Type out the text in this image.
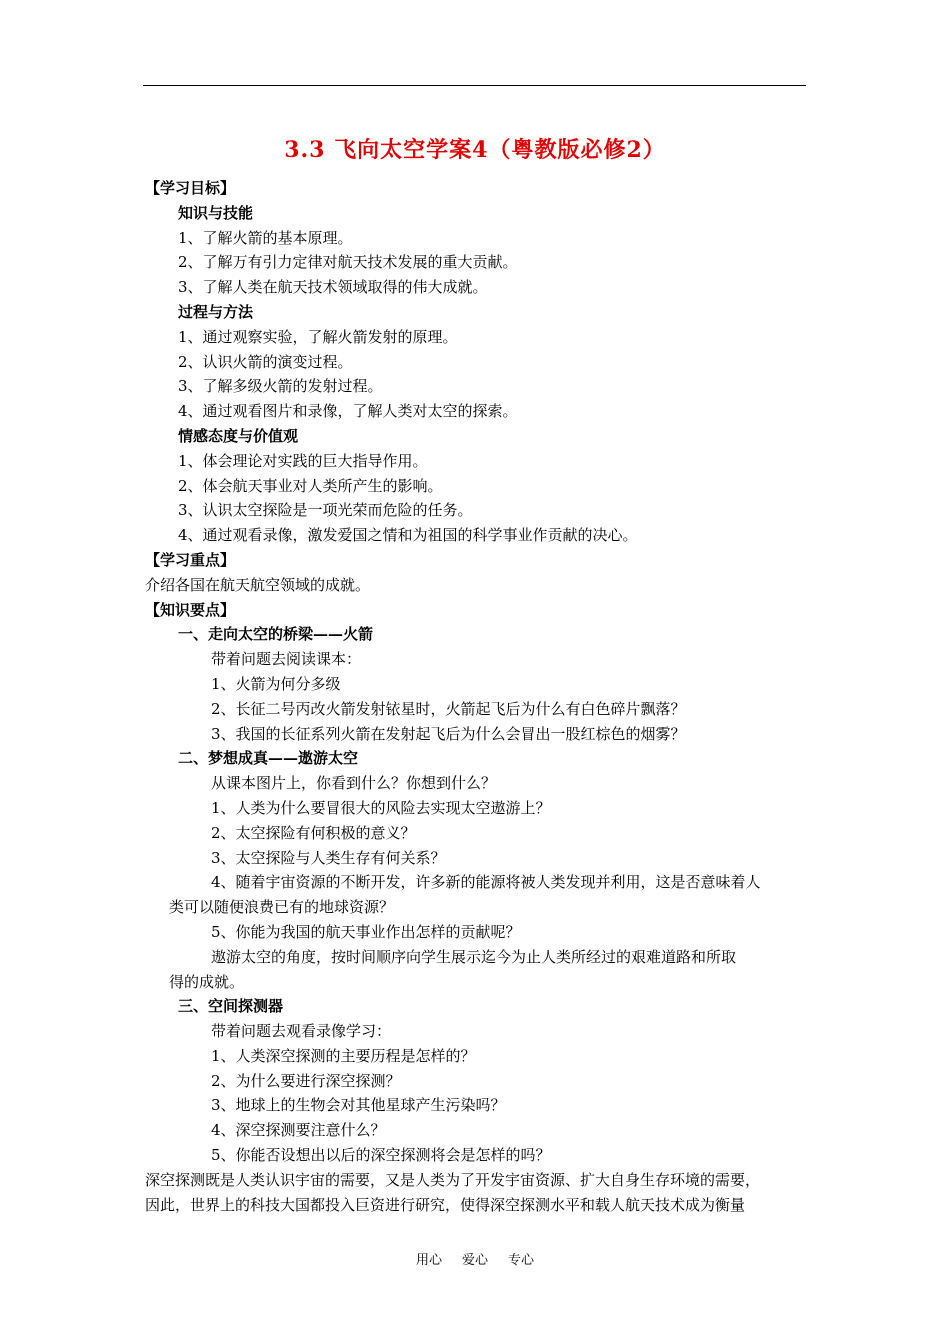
3.3 飞向太空学案4（粤教版必修2）
【学习目标】
知识与技能
1、了解火箭的基本原理。
2、了解万有引力定律对航天技术发展的重大贡献。
3、了解人类在航天技术领域取得的伟大成就。
过程与方法
1、通过观察实验，了解火箭发射的原理。
2、认识火箭的演变过程。
3、了解多级火箭的发射过程。
4、通过观看图片和录像，了解人类对太空的探索。
情感态度与价值观
1、体会理论对实践的巨大指导作用。
2、体会航天事业对人类所产生的影响。
3、认识太空探险是一项光荣而危险的任务。
4、通过观看录像，激发爱国之情和为祖国的科学事业作贡献的决心。
【学习重点】
介绍各国在航天航空领域的成就。
【知识要点】
一、走向太空的桥梁——火箭
带着问题去阅读课本：
1、火箭为何分多级
2、长征二号丙改火箭发射铱星时，火箭起飞后为什么有白色碎片飘落？
3、我国的长征系列火箭在发射起飞后为什么会冒出一股红棕色的烟雾？
二、梦想成真——遨游太空
从课本图片上，你看到什么？你想到什么？
1、人类为什么要冒很大的风险去实现太空遨游上？
2、太空探险有何积极的意义？
3、太空探险与人类生存有何关系？
4、随着宇宙资源的不断开发，许多新的能源将被人类发现并利用，这是否意味着人
类可以随便浪费已有的地球资源？
5、你能为我国的航天事业作出怎样的贡献呢？
遨游太空的角度，按时间顺序向学生展示迄今为止人类所经过的艰难道路和所取
得的成就。
三、空间探测器
带着问题去观看录像学习：
1、人类深空探测的主要历程是怎样的？
2、为什么要进行深空探测？
3、地球上的生物会对其他星球产生污染吗？
4、深空探测要注意什么？
5、你能否设想出以后的深空探测将会是怎样的吗？
深空探测既是人类认识宇宙的需要，又是人类为了开发宇宙资源、扩大自身生存环境的需要，
因此，世界上的科技大国都投入巨资进行研究，使得深空探测水平和载人航天技术成为衡量
用心 爱心 专心
